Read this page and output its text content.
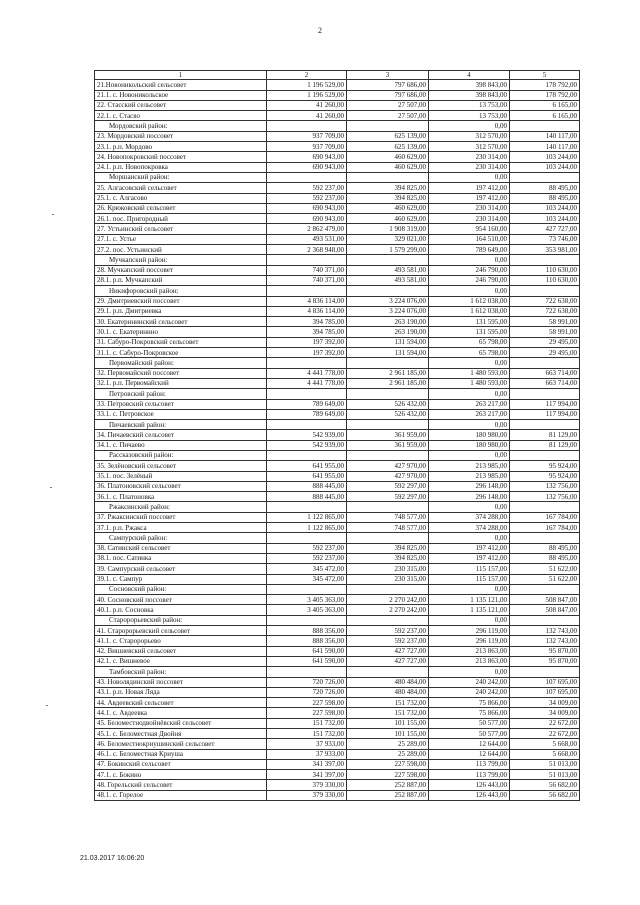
2
1	2	3	4	5
21.Новоникольский сельсовет	1 196 529,00	797 686,00	398 843,00	178 792,00
21.1. с. Новоникольское	1 196 529,00	797 686,00	398 843,00	178 792,00
22. Стасский сельсовет	41 260,00	27 507,00	13 753,00	6 165,00
22.1. с. Стасво	41 260,00	27 507,00	13 753,00	6 165,00
Мордовский район:			0,00	
23. Мордовский поссовет	937 709,00	625 139,00	312 570,00	140 117,00
23.1. р.п. Мордово	937 709,00	625 139,00	312 570,00	140 117,00
24. Новопокровский поссовет	690 943,00	460 629,00	230 314,00	103 244,00
24.1. р.п. Новопокровка	690 943,00	460 629,00	230 314,00	103 244,00
Моршанский район:			0,00	
25. Алгасовский сельсовет	592 237,00	394 825,00	197 412,00	88 495,00
25.1. с. Алгасово	592 237,00	394 825,00	197 412,00	88 495,00
26. Крюковский сельсовет	690 943,00	460 629,00	230 314,00	103 244,00
26.1. пос. Пригородный	690 943,00	460 629,00	230 314,00	103 244,00
27. Устьинский сельсовет	2 862 479,00	1 908 319,00	954 160,00	427 727,00
27.1. с. Устье	493 531,00	329 021,00	164 510,00	73 746,00
27.2. пос. Устьинский	2 368 948,00	1 579 299,00	789 649,00	353 981,00
Мучкапский район:			0,00	
28. Мучкапский поссовет	740 371,00	493 581,00	246 790,00	110 630,00
28.1. р.п. Мучкапский	740 371,00	493 581,00	246 790,00	110 630,00
Никифоровский район:			0,00	
29. Дмитриевский поссовет	4 836 114,00	3 224 076,00	1 612 038,00	722 638,00
29.1. р.п. Дмитриевка	4 836 114,00	3 224 076,00	1 612 038,00	722 638,00
30. Екатерининский сельсовет	394 785,00	263 190,00	131 595,00	58 991,00
30.1. с. Екатеринино	394 785,00	263 190,00	131 595,00	58 991,00
31. Сабуро-Покровский сельсовет	197 392,00	131 594,00	65 798,00	29 495,00
31.1. с. Сабуро-Покровское	197 392,00	131 594,00	65 798,00	29 495,00
Первомайский район:			0,00	
32. Первомайский поссовет	4 441 778,00	2 961 185,00	1 480 593,00	663 714,00
32.1. р.п. Первомайский	4 441 778,00	2 961 185,00	1 480 593,00	663 714,00
Петровский район:			0,00	
33. Петровский сельсовет	789 649,00	526 432,00	263 217,00	117 994,00
33.1. с. Петровское	789 649,00	526 432,00	263 217,00	117 994,00
Пичаевский район:			0,00	
34. Пичаевский сельсовет	542 939,00	361 959,00	180 980,00	81 129,00
34.1. с. Пичаево	542 939,00	361 959,00	180 980,00	81 129,00
Рассказовский район:			0,00	
35. Зелёновский сельсовет	641 955,00	427 970,00	213 985,00	95 924,00
35.1. пос. Зелёный	641 955,00	427 970,00	213 985,00	95 924,00
36. Платоновский сельсовет	888 445,00	592 297,00	296 148,00	132 756,00
36.1. с. Платоновка	888 445,00	592 297,00	296 148,00	132 756,00
Ржаксинский район:			0,00	
37. Ржаксинский поссовет	1 122 865,00	748 577,00	374 288,00	167 784,00
37.1. р.п. Ржакса	1 122 865,00	748 577,00	374 288,00	167 784,00
Сампурский район:			0,00	
38. Сатинский сельсовет	592 237,00	394 825,00	197 412,00	88 495,00
38.1. пос. Сатинка	592 237,00	394 825,00	197 412,00	88 495,00
39. Сампурский сельсовет	345 472,00	230 315,00	115 157,00	51 622,00
39.1. с. Сампур	345 472,00	230 315,00	115 157,00	51 622,00
Сосновский район:			0,00	
40. Сосновский поссовет	3 405 363,00	2 270 242,00	1 135 121,00	508 847,00
40.1. р.п. Сосновка	3 405 363,00	2 270 242,00	1 135 121,00	508 847,00
Старорорьевский район:			0,00	
41. Старорорьевский сельсовет	888 356,00	592 237,00	296 119,00	132 743,00
41.1. с. Старорорьево	888 356,00	592 237,00	296 119,00	132 743,00
42. Вишневский сельсовет	641 590,00	427 727,00	213 863,00	95 870,00
42.1. с. Вишневое	641 590,00	427 727,00	213 863,00	95 870,00
Тамбовский район:			0,00	
43. Новолядинский поссовет	720 726,00	480 484,00	240 242,00	107 695,00
43.1. р.п. Новая Ляда	720 726,00	480 484,00	240 242,00	107 695,00
44. Авдеевский сельсовет	227 598,00	151 732,00	75 866,00	34 009,00
44.1. с. Авдеевка	227 598,00	151 732,00	75 866,00	34 009,00
45. Беломестнодвойнёвский сельсовет	151 732,00	101 155,00	50 577,00	22 672,00
45.1. с. Беломестная Двойня	151 732,00	101 155,00	50 577,00	22 672,00
46. Беломестнокриушинский сельсовет	37 933,00	25 289,00	12 644,00	5 668,00
46.1. с. Беломестная Криуша	37 933,00	25 289,00	12 644,00	5 668,00
47. Бокинский сельсовет	341 397,00	227 598,00	113 799,00	51 013,00
47.1. с. Бокино	341 397,00	227 598,00	113 799,00	51 013,00
48. Горельский сельсовет	379 330,00	252 887,00	126 443,00	56 682,00
48.1. с. Горелое	379 330,00	252 887,00	126 443,00	56 682,00
21.03.2017 16:06:20
